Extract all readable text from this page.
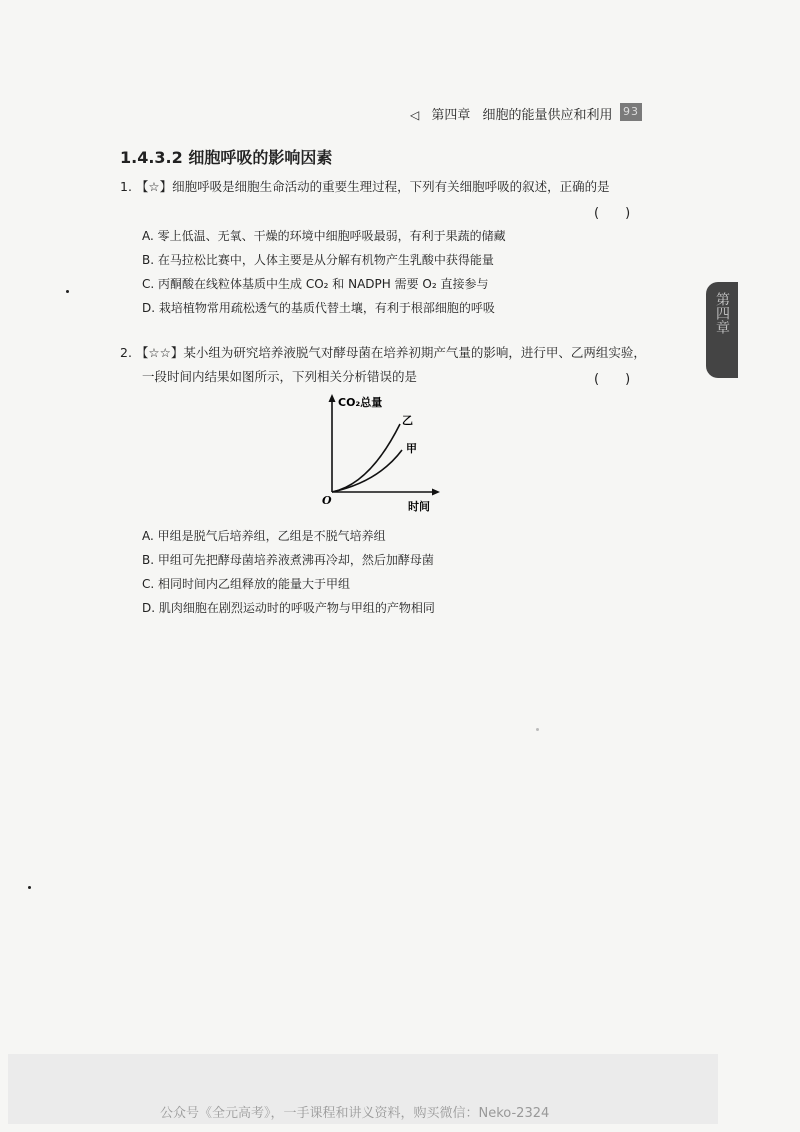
◁ 第四章 细胞的能量供应和利用 93
1.4.3.2 细胞呼吸的影响因素
第四章
1. 【☆】细胞呼吸是细胞生命活动的重要生理过程，下列有关细胞呼吸的叙述，正确的是
(　　)
A. 零上低温、无氧、干燥的环境中细胞呼吸最弱，有利于果蔬的储藏
B. 在马拉松比赛中，人体主要是从分解有机物产生乳酸中获得能量
C. 丙酮酸在线粒体基质中生成 CO₂ 和 NADPH 需要 O₂ 直接参与
D. 栽培植物常用疏松透气的基质代替土壤，有利于根部细胞的呼吸
2. 【☆☆】某小组为研究培养液脱气对酵母菌在培养初期产气量的影响，进行甲、乙两组实验，
一段时间内结果如图所示，下列相关分析错误的是	(　　)
CO₂总量
乙
甲
O	时间
A. 甲组是脱气后培养组，乙组是不脱气培养组
B. 甲组可先把酵母菌培养液煮沸再冷却，然后加酵母菌
C. 相同时间内乙组释放的能量大于甲组
D. 肌肉细胞在剧烈运动时的呼吸产物与甲组的产物相同
公众号《全元高考》，一手课程和讲义资料，购买微信：Neko-2324
